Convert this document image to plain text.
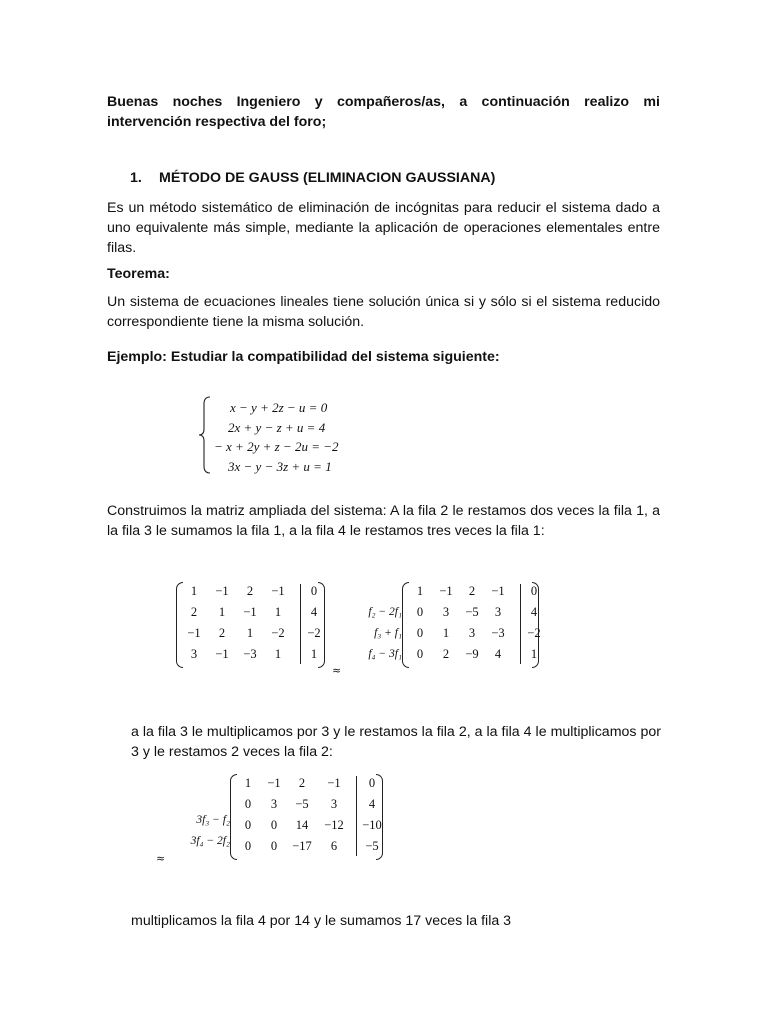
Buenas noches Ingeniero y compañeros/as, a continuación realizo mi intervención respectiva del foro;
1. MÉTODO DE GAUSS (ELIMINACION GAUSSIANA)
Es un método sistemático de eliminación de incógnitas para reducir el sistema dado a uno equivalente más simple, mediante la aplicación de operaciones elementales entre filas.
Teorema:
Un sistema de ecuaciones lineales tiene solución única si y sólo si el sistema reducido correspondiente tiene la misma solución.
Ejemplo: Estudiar la compatibilidad del sistema siguiente:
x − y + 2z − u = 0
2x + y − z + u = 4
− x + 2y + z − 2u = −2
3x − y − 3z + u = 1
Construimos la matriz ampliada del sistema: A la fila 2 le restamos dos veces la fila 1, a la fila 3 le sumamos la fila 1, a la fila 4 le restamos tres veces la fila 1:
1	−1	2	−1	0
2	1	−1	1	4
−1	2	1	−2	−2
3	−1	−3	1	1
≈
f₂ − 2f₁
f₃ + f₁
f₄ − 3f₁
1	−1	2	−1	0
0	3	−5	3	4
0	1	3	−3	−2
0	2	−9	4	1
a la fila 3 le multiplicamos por 3 y le restamos la fila 2, a la fila 4 le multiplicamos por 3 y le restamos 2 veces la fila 2:
3f₃ − f₂
3f₄ − 2f₂
≈
1	−1	2	−1	0
0	3	−5	3	4
0	0	14	−12	−10
0	0	−17	6	−5
multiplicamos la fila 4 por 14 y le sumamos 17 veces la fila 3
